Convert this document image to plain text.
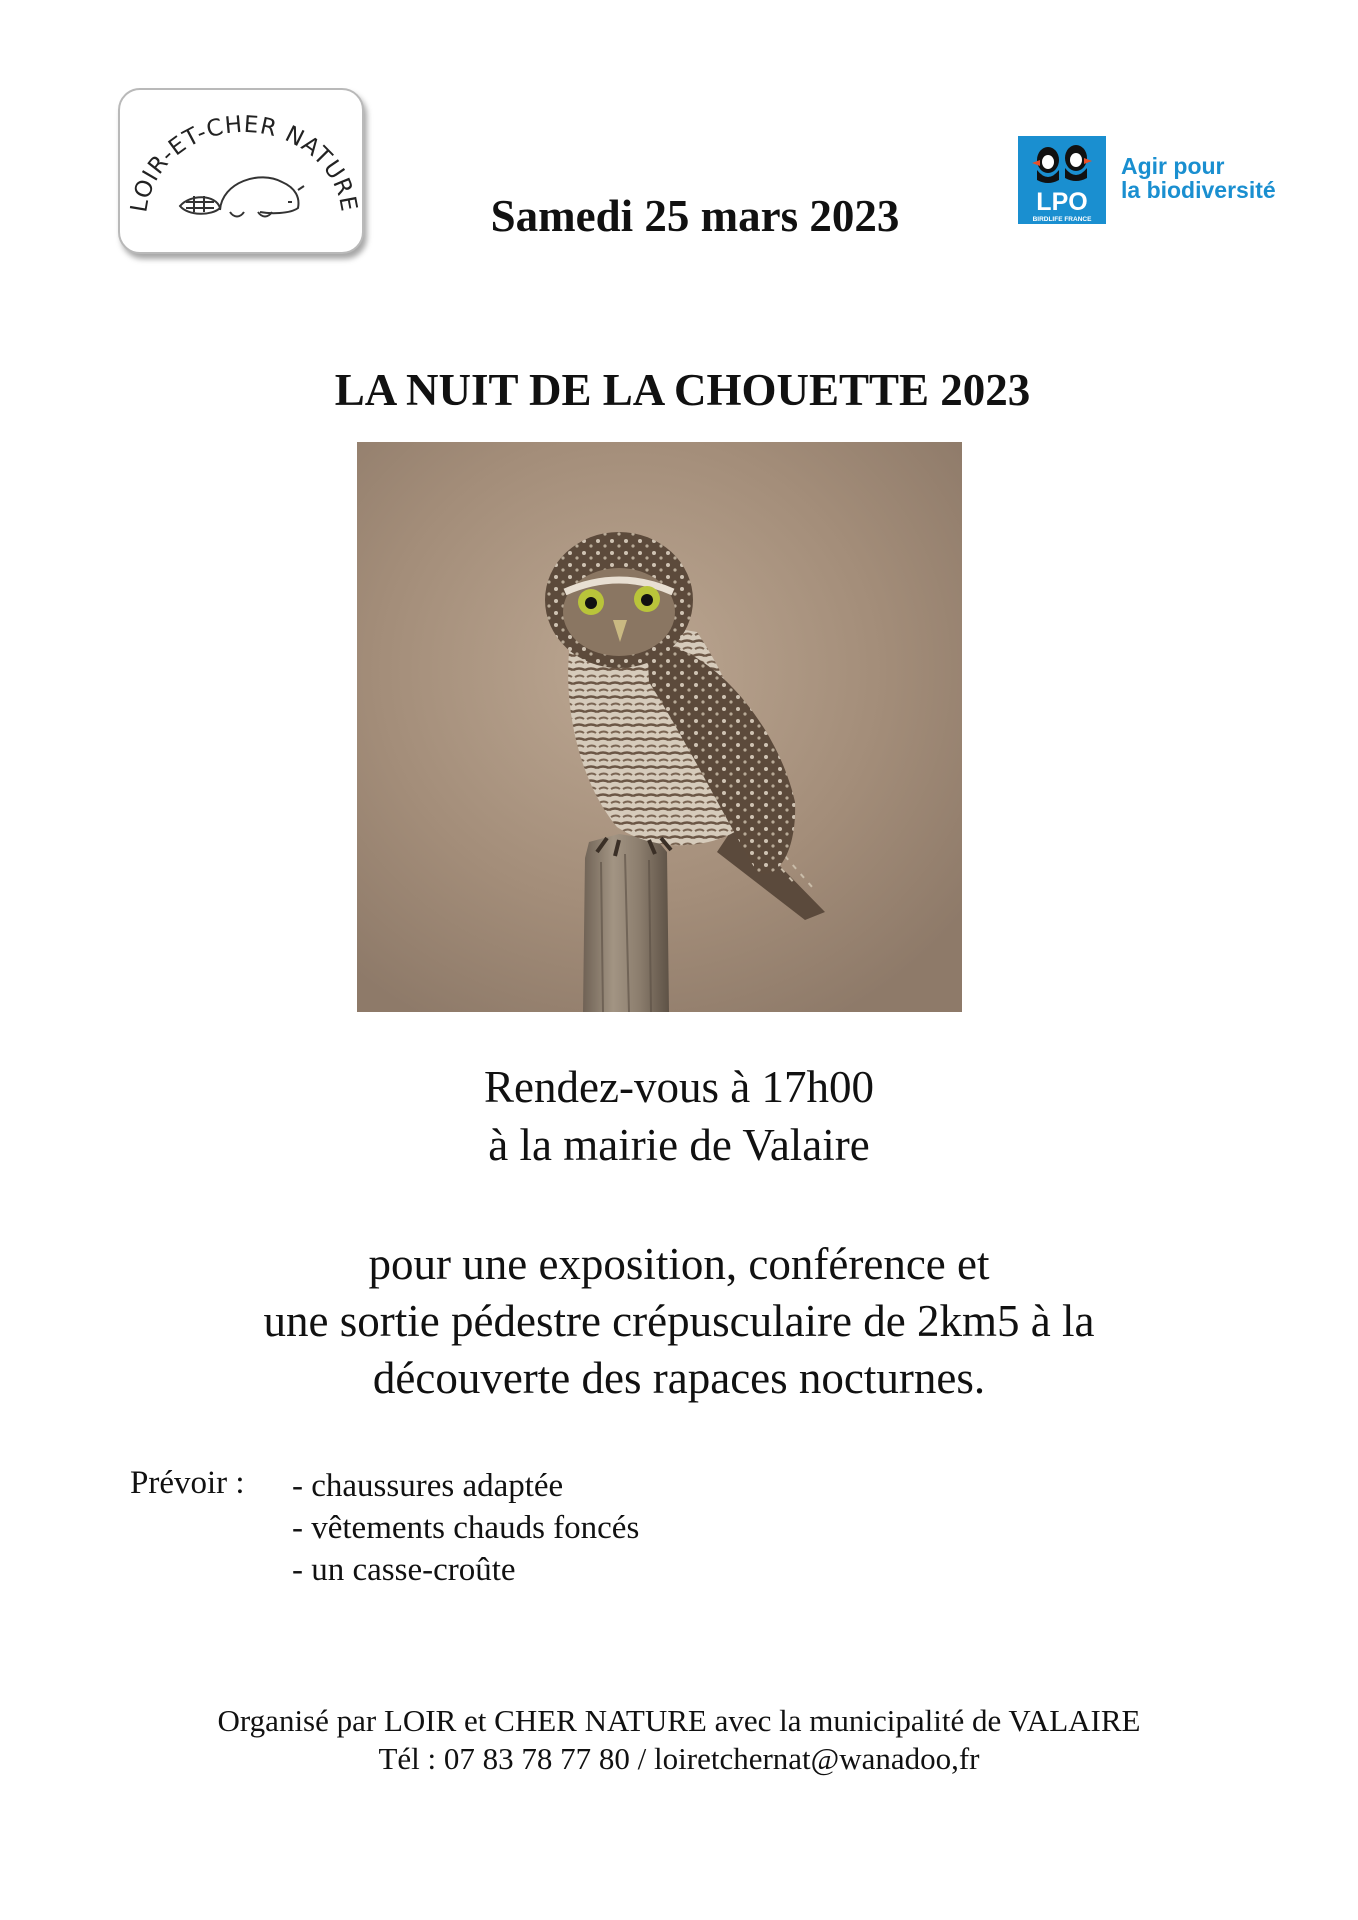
LOIR-ET-CHER NATURE	LPO
BIRDLIFE FRANCE
Agir pour
la biodiversité
Samedi 25 mars 2023
LA NUIT DE LA CHOUETTE 2023
Rendez-vous à 17h00
à la mairie de Valaire
pour une exposition, conférence et
une sortie pédestre crépusculaire de 2km5 à la
découverte des rapaces nocturnes.
Prévoir : - chaussures adaptée
- vêtements chauds foncés
- un casse-croûte
Organisé par LOIR et CHER NATURE avec la municipalité de VALAIRE
Tél : 07 83 78 77 80 / loiretchernat@wanadoo,fr
